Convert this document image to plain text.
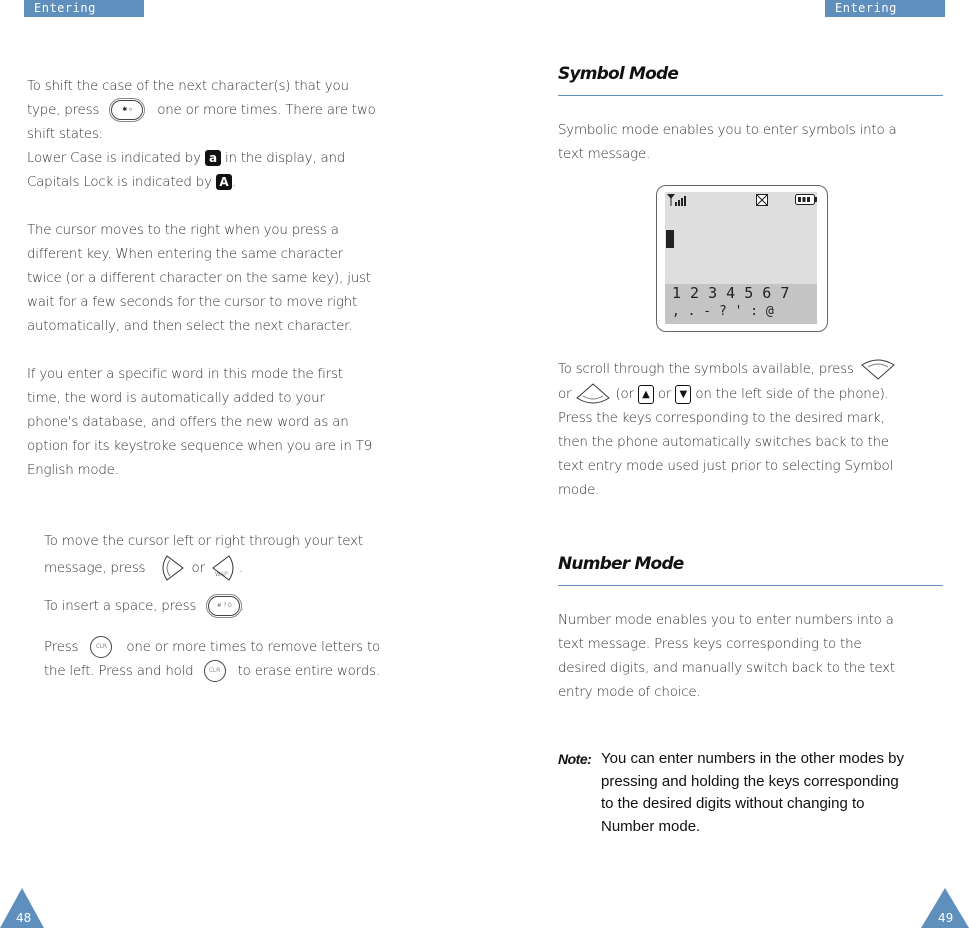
Entering Text
Entering Text
To shift the case of the next character(s) that you
type, press	✱ ○ one or more times. There are two
shift states:
Lower Case is indicated by a in the display, and
Capitals Lock is indicated by A .
The cursor moves to the right when you press a
different key. When entering the same character
twice (or a different character on the same key), just
wait for a few seconds for the cursor to move right
automatically, and then select the next character.
If you enter a specific word in this mode the first
time, the word is automatically added to your
phone's database, and offers the new word as an
option for its keystroke sequence when you are in T9
English mode.
To move the cursor left or right through your text
message, press	or WAP .
To insert a space, press	# ? 0 .
Press	CLR one or more times to remove letters to
the left. Press and hold	CLR to erase entire words.
Symbol Mode
Symbolic mode enables you to enter symbols into a
text message.
1 2 3 4 5 6 7
, . - ? ' : @
To scroll through the symbols available, press
or	(or ▲ or ▼ on the left side of the phone).
Press the keys corresponding to the desired mark,
then the phone automatically switches back to the
text entry mode used just prior to selecting Symbol
mode.
Number Mode
Number mode enables you to enter numbers into a
text message. Press keys corresponding to the
desired digits, and manually switch back to the text
entry mode of choice.
Note: You can enter numbers in the other modes by
pressing and holding the keys corresponding
to the desired digits without changing to
Number mode.
48	49
